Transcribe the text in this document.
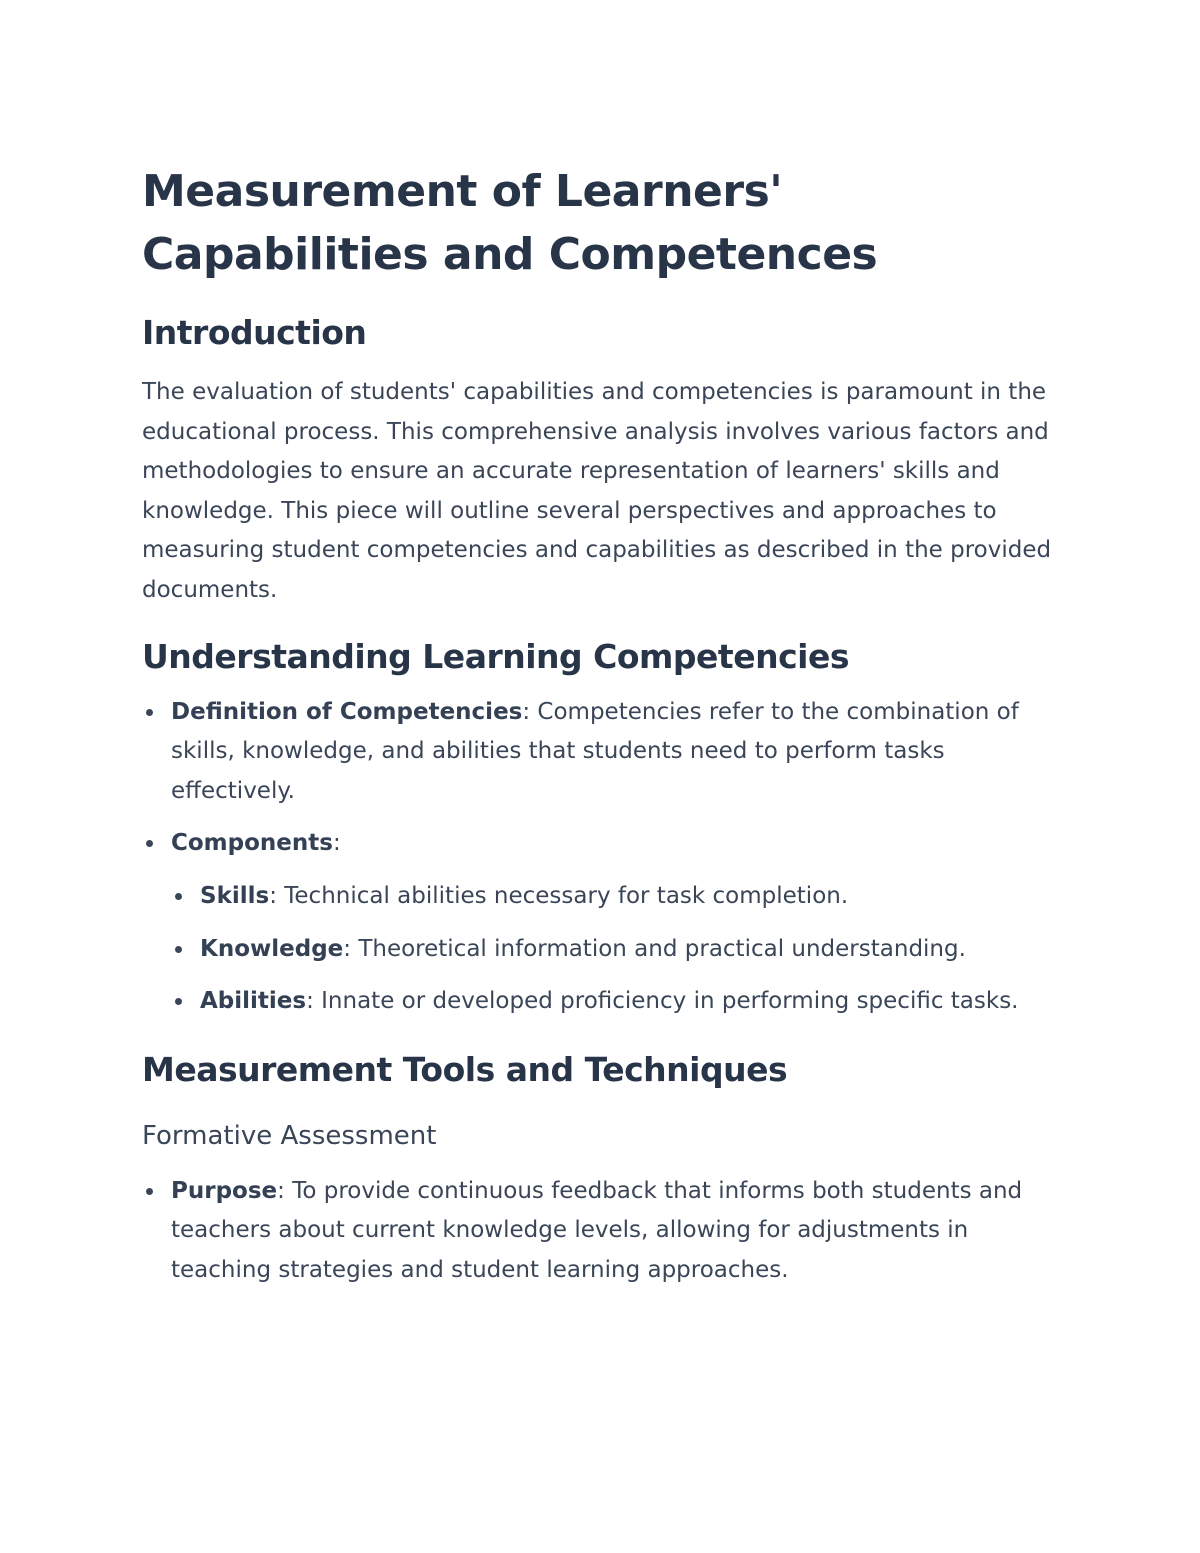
Measurement of Learners' Capabilities and Competences
Introduction

The evaluation of students' capabilities and competencies is paramount in the educational process. This comprehensive analysis involves various factors and methodologies to ensure an accurate representation of learners' skills and knowledge. This piece will outline several perspectives and approaches to measuring student competencies and capabilities as described in the provided documents.

Understanding Learning Competencies
Definition of Competencies: Competencies refer to the combination of skills, knowledge, and abilities that students need to perform tasks effectively.
Components:
Skills: Technical abilities necessary for task completion.
Knowledge: Theoretical information and practical understanding.
Abilities: Innate or developed proficiency in performing specific tasks.
Measurement Tools and Techniques
Formative Assessment
Purpose: To provide continuous feedback that informs both students and teachers about current knowledge levels, allowing for adjustments in teaching strategies and student learning approaches.
